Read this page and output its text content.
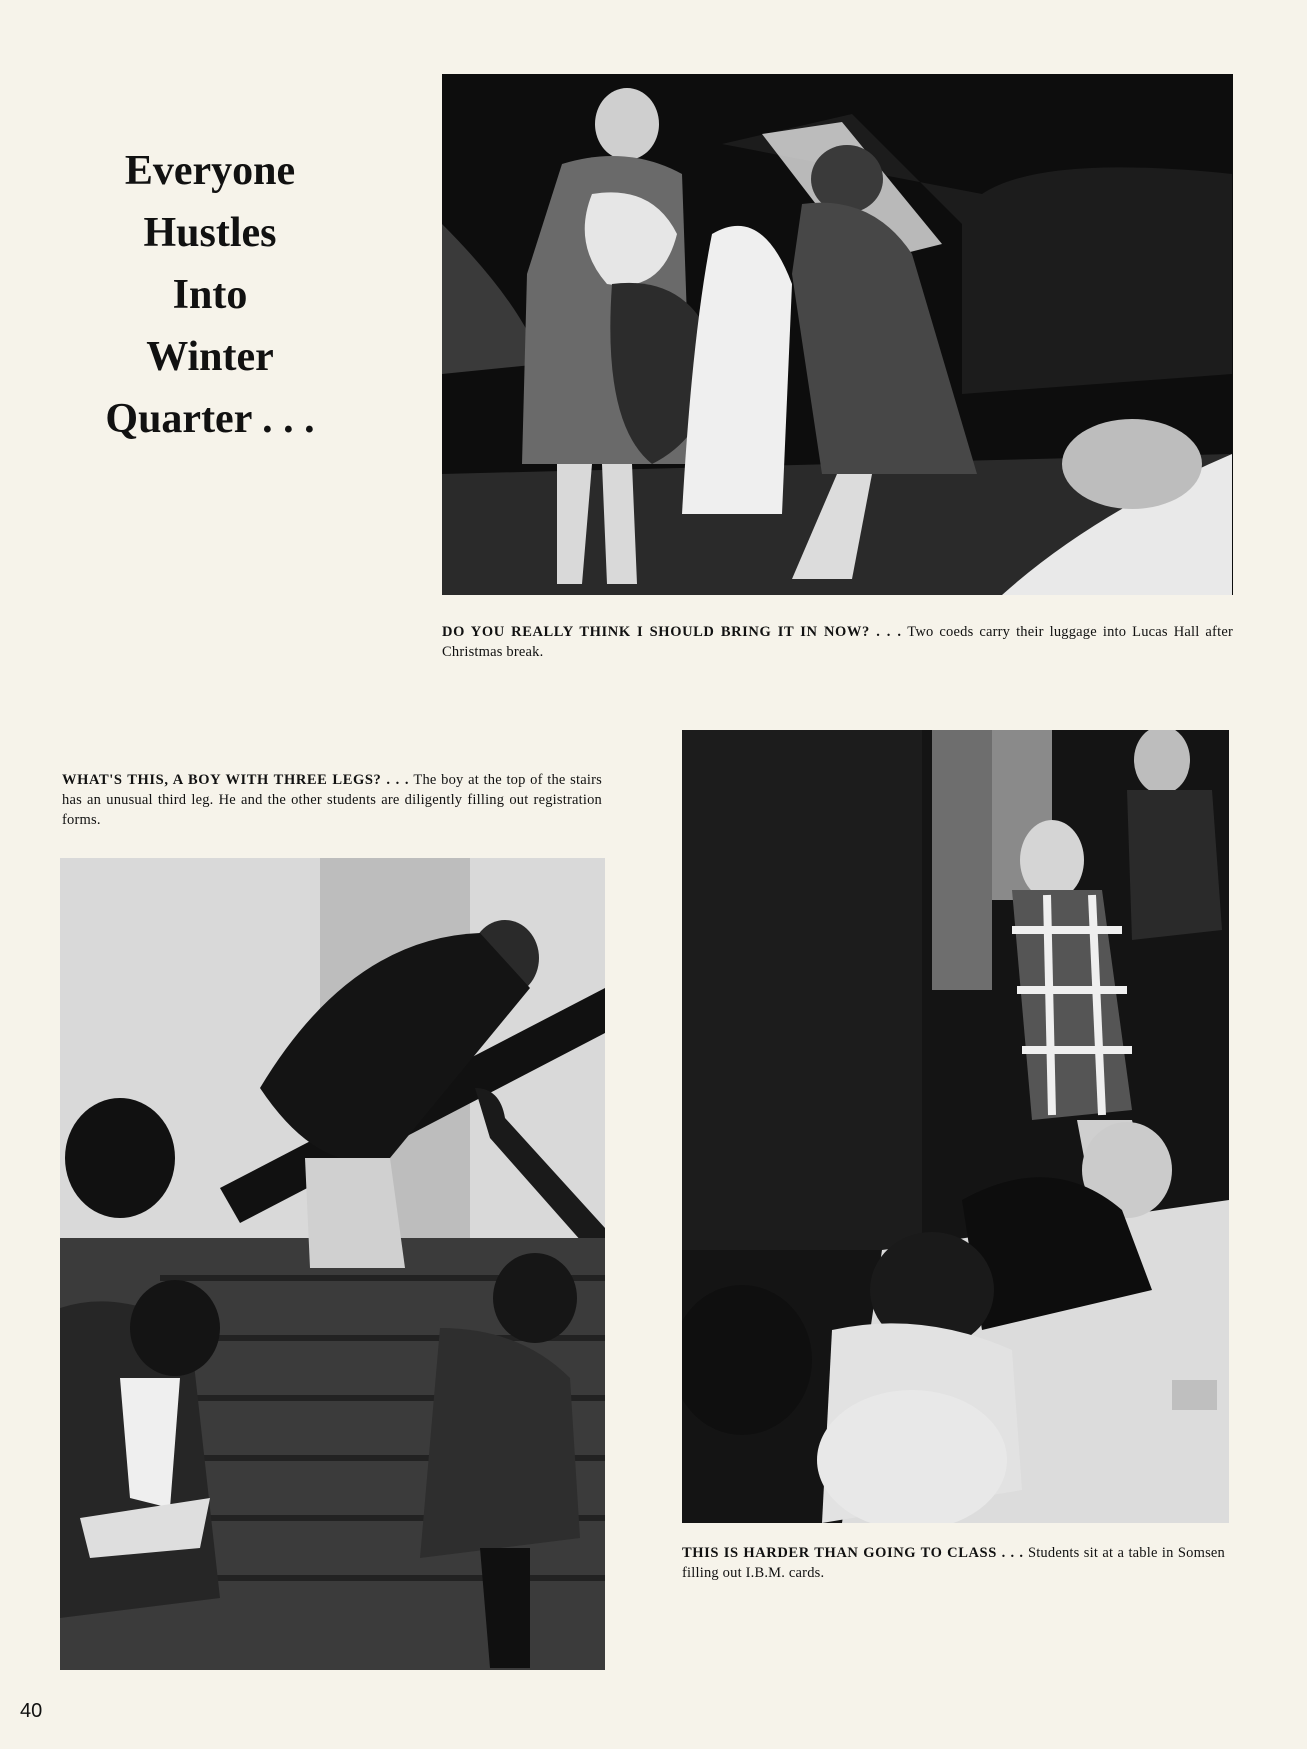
Everyone
Hustles
Into
Winter
Quarter . . .
DO YOU REALLY THINK I SHOULD BRING IT IN NOW? . . . Two coeds carry their luggage into Lucas Hall after Christmas break.
WHAT'S THIS, A BOY WITH THREE LEGS? . . . The boy at the top of the stairs has an unusual third leg. He and the other students are diligently filling out registration forms.
THIS IS HARDER THAN GOING TO CLASS . . . Students sit at a table in Somsen filling out I.B.M. cards.
40
